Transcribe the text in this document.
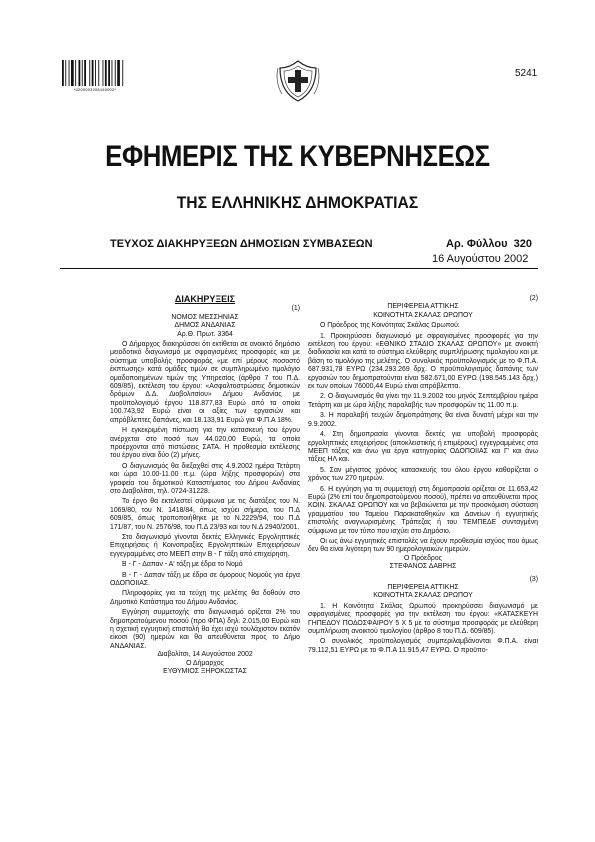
*0200003208160002*
5241
ΕΦΗΜΕΡΙΣ ΤΗΣ ΚΥΒΕΡΝΗΣΕΩΣ
ΤΗΣ ΕΛΛΗΝΙΚΗΣ ΔΗΜΟΚΡΑΤΙΑΣ
ΤΕΥΧΟΣ ΔΙΑΚΗΡΥΞΕΩΝ ΔΗΜΟΣΙΩΝ ΣΥΜΒΑΣΕΩΝ	Αρ. Φύλλου 320
16 Αυγούστου 2002

ΔΙΑΚΗΡΥΞΕΙΣ

(1)

ΝΟΜΟΣ ΜΕΣΣΗΝΙΑΣ

ΔΗΜΟΣ ΑΝΔΑΝΙΑΣ

Αρ.Θ. Πρωτ. 3364

Ο Δήμαρχος διακηρύσσει ότι εκτίθεται σε ανοικτό δημόσιο μειοδοτικό διαγωνισμό με σφραγισμένες προσφορές και με σύστημα υποβολής προσφοράς «με επί μέρους ποσοστό έκπτωσης» κατά ομάδες τιμών σε συμπληρωμένο τιμολόγιο ομαδοποιημένων τιμών της Υπηρεσίας (άρθρο 7 του Π.Δ. 609/85), εκτέλεση του έργου: «Ασφαλτοστρώσεις δημοτικών δρόμων Δ.Δ. Διοβολιτσίου» Δήμου Ανδανίας με προϋπολογισμό έργου 118.877,83 Ευρώ από τα οποία 100.743,92 Ευρώ είναι οι αξίες των εργασιών και απρόβλεπτες δαπάνες, και 18.133,91 Ευρώ για Φ.Π.Α 18%.

Η εγκεκριμένη πίστωση για την κατασκευή του έργου ανέρχεται στο ποσό των 44.020,00 Ευρώ, τα οποία προέρχονται από πιστώσεις ΣΑΤΑ. Η προθεσμία εκτέλεσης του έργου είναι δύο (2) μήνες.

Ο διαγωνισμός θα διεξαχθεί στις 4.9.2002 ημέρα Τετάρτη και ώρα 10.00-11.00 π.μ. (ώρα λήξης προσφορών) στα γραφεία του δημοτικού Καταστήματος του Δήμου Ανδανίας στο Διαβολίτσι, τηλ. 0724-31228.

Το έργο θα εκτελεστεί σύμφωνα με τις διατάξεις του Ν. 1069/80, του Ν. 1418/84, όπως ισχύει σήμερα, του Π.Δ 609/85, όπως τροποποιήθηκε με το Ν.2229/94, του Π.Δ 171/87, του Ν. 2576/98, του Π.Δ 23/93 και του Ν.Δ 2940/2001.

Στο διαγωνισμό γίνονται δεκτές Ελληνικές Εργοληπτικές Επιχειρήσεις ή Κοινοπραξίες Εργοληπτικών Επιχειρήσεων εγγεγραμμένες στο ΜΕΕΠ στην Β - Γ τάξη από επιχείρηση.

Β - Γ - Δαπαν - Α' τάξη με έδρα το Νομό

Β - Γ - Δαπαν τάξη με έδρα σε όμορους Νομούς για έργα ΟΔΟΠΟΙΙΑΣ.

Πληροφορίες για τα τεύχη της μελέτης θα δοθούν στο Δημοτικό Κατάστημα του Δήμου Ανδανίας.

Εγγύηση συμμετοχής στο διαγωνισμό ορίζεται 2% του δημοπρατούμενου ποσού (προ ΦΠΑ) δηλ. 2.015,00 Ευρώ και η σχετική εγγυητική επιστολή θα έχει ισχύ τουλάχιστον εκατόν είκοσι (90) ημερών και θα απευθύνεται προς το Δήμο ΑΝΔΑΝΙΑΣ.

Διαβολίτσι, 14 Αυγούστου 2002

Ο Δήμαρχος

ΕΥΘΥΜΙΟΣ ΞΗΡΟΚΩΣΤΑΣ

(2)

ΠΕΡΙΦΕΡΕΙΑ ΑΤΤΙΚΗΣ

ΚΟΙΝΟΤΗΤΑ ΣΚΑΛΑΣ ΩΡΩΠΟΥ

Ο Πρόεδρος της Κοινότητας Σκάλας Ωρωπού:

1. Προκηρύσσει διαγωνισμό με σφραγισμένες προσφορές για την εκτέλεση του έργου: «ΕΘΝΙΚΟ ΣΤΑΔΙΟ ΣΚΑΛΑΣ ΩΡΩΠΟΥ» με ανοικτή διαδικασία και κατά το σύστημα ελεύθερης συμπλήρωσης τιμολογίου και με βάση το τιμολόγιο της μελέτης. Ο συνολικός προϋπολογισμός με το Φ.Π.Α. 687.931,78 ΕΥΡΩ (234.293.269 δρχ. Ο προϋπολογισμός δαπάνης των εργασιών του δημοπρατούνται είναι 582.671,00 ΕΥΡΩ (198.545.143 δρχ.) εκ των οποίων 76000,44 Ευρώ είναι απρόβλεπτα.

2. Ο διαγωνισμός θα γίνει την 11.9.2002 του μηνός Σεπτεμβρίου ημέρα Τετάρτη και με ώρα λήξης παραλαβής των προσφορών τις 11.00 π.μ.

3. Η παραλαβή τευχών δημοπράτησης θα είναι δυνατή μέχρι και την 9.9.2002.

4. Στη δημοπρασία γίνονται δεκτές για υποβολή προσφοράς εργοληπτικές επιχειρήσεις (αποκλειστικής ή επιμέρους) εγγεγραμμένες στα ΜΕΕΠ τάξεις και άνω για έργα κατηγορίας ΟΔΟΠΟΙΙΑΣ και Γ' και άνω τάξεις ΗΛ και.

5. Σαν μέγιστος χρόνος κατασκευής του όλου έργου καθορίζεται ο χρόνος των 270 ημερών.

6. Η εγγύηση για τη συμμετοχή στη δημοπρασία ορίζεται σε 11.653,42 Ευρώ (2% επί του δημοπρατούμενου ποσού), πρέπει να απευθύνεται προς ΚΟΙΝ. ΣΚΑΛΑΣ ΩΡΩΠΟΥ και να βεβαιώνεται με την προσκόμιση σύσταση γραμματίου του Ταμείου Παρακαταθηκών και Δανείων ή εγγυητικής επιστολής αναγνωρισμένης Τράπεζας ή του ΤΕΜΠΕΔΕ συνταγμένη σύμφωνα με τον τύπο που ισχύει στο Δημόσιο.

Οι ως άνω εγγυητικές επιστολές να έχουν προθεσμία ισχύος που όμως δεν θα είναι λιγότερη των 90 ημερολογιακών ημερών.

Ο Πρόεδρος

ΣΤΕΦΑΝΟΣ ΔΑΒΡΗΣ

(3)

ΠΕΡΙΦΕΡΕΙΑ ΑΤΤΙΚΗΣ

ΚΟΙΝΟΤΗΤΑ ΣΚΑΛΑΣ ΩΡΩΠΟΥ

1. Η Κοινότητα Σκάλας Ωρωπού προκηρύσσει διαγωνισμό με σφραγισμένες προσφορές για την εκτέλεση του έργου: «ΚΑΤΑΣΚΕΥΗ ΓΗΠΕΔΟΥ ΠΟΔΟΣΦΑΙΡΟΥ 5 Χ 5 με το σύστημα προσφοράς με ελεύθερη συμπλήρωση ανοικτού τιμολογίου (άρθρο 8 του Π.Δ. 609/85).

Ο συνολικός προϋπολογισμός συμπεριλαμβάνονται Φ.Π.Α. είναι 79.112,51 ΕΥΡΩ με το Φ.Π.Α 11.915,47 ΕΥΡΩ. Ο προϋπο-
